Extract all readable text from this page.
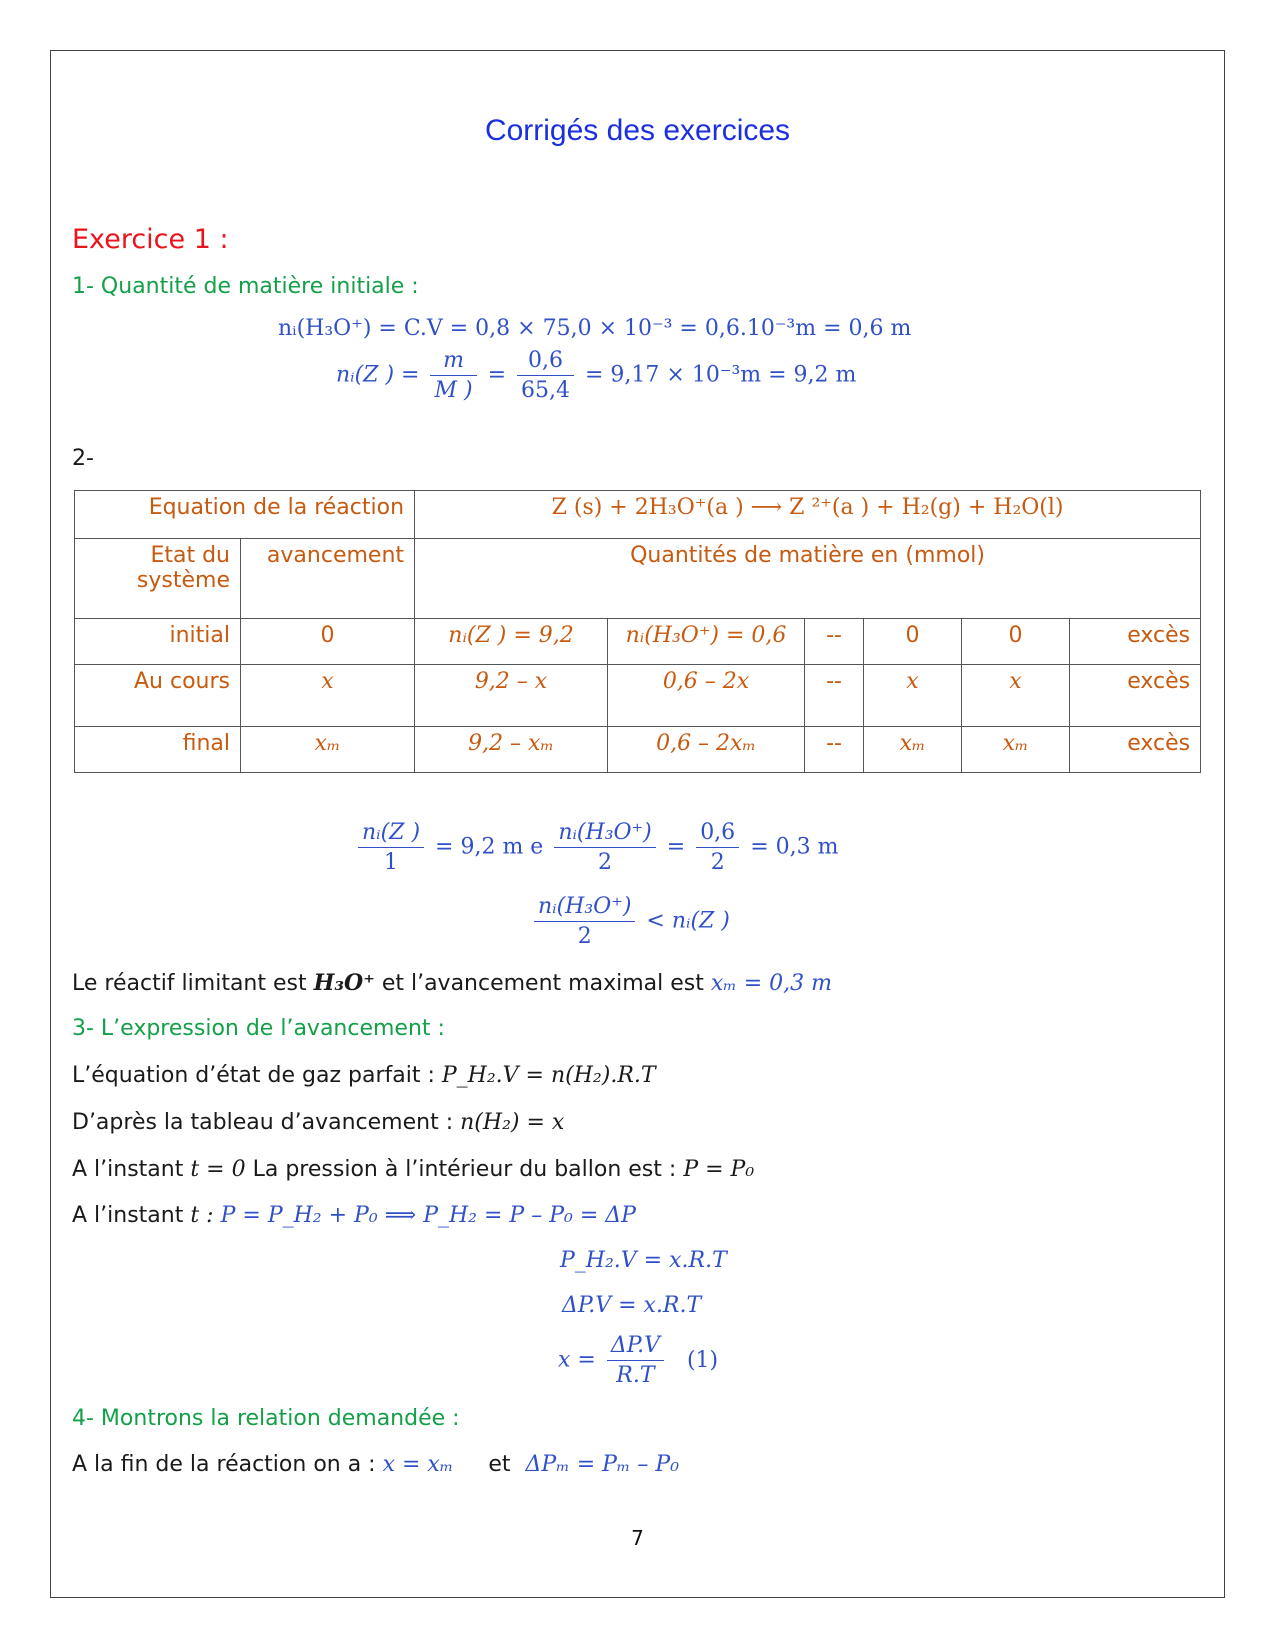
Corrigés des exercices
Exercice 1 :
1- Quantité de matière initiale :
nᵢ(H₃O⁺) = C.V = 0,8 × 75,0 × 10⁻³ = 0,6.10⁻³m = 0,6 m
nᵢ(Z ) = $\frac{m}{M )} = \frac{0,6}{65,4} = 9,17 \times 10^{-3}m = 9,2$ m
2-
Equation de la réaction		Z (s) + 2H₃O⁺(a ) ⟶ Z ²⁺(a ) + H₂(g) + H₂O(l)					
Etat du système	avancement	Quantités de matière en (mmol)					
initial	0	nᵢ(Z ) = 9,2	nᵢ(H₃O⁺) = 0,6	--	0	0	excès
Au cours	x	9,2 – x	0,6 – 2x	--	x	x	excès
final	xₘ	9,2 – xₘ	0,6 – 2xₘ	--	xₘ	xₘ	excès
$\frac{\text{nᵢ(Z )}}{1} = 9,2$ m e $\frac{\text{nᵢ(H₃O⁺)}}{2} = \frac{0,6}{2} = 0,3$ m
$\frac{\text{nᵢ(H₃O⁺)}}{2}$ < nᵢ(Z )
Le réactif limitant est H₃O⁺ et l’avancement maximal est xₘ = 0,3 m
3- L’expression de l’avancement :
L’équation d’état de gaz parfait : P_H₂.V = n(H₂).R.T
D’après la tableau d’avancement : n(H₂) = x
A l’instant t = 0 La pression à l’intérieur du ballon est : P = P₀
A l’instant t : P = P_H₂ + P₀ ⟹ P_H₂ = P – P₀ = ΔP
P_H₂.V = x.R.T
ΔP.V = x.R.T
$x = \frac{\Delta P.V}{R.T} (1)$
4- Montrons la relation demandée :
A la fin de la réaction on a : x = xₘ et ΔPₘ = Pₘ – P₀
7
